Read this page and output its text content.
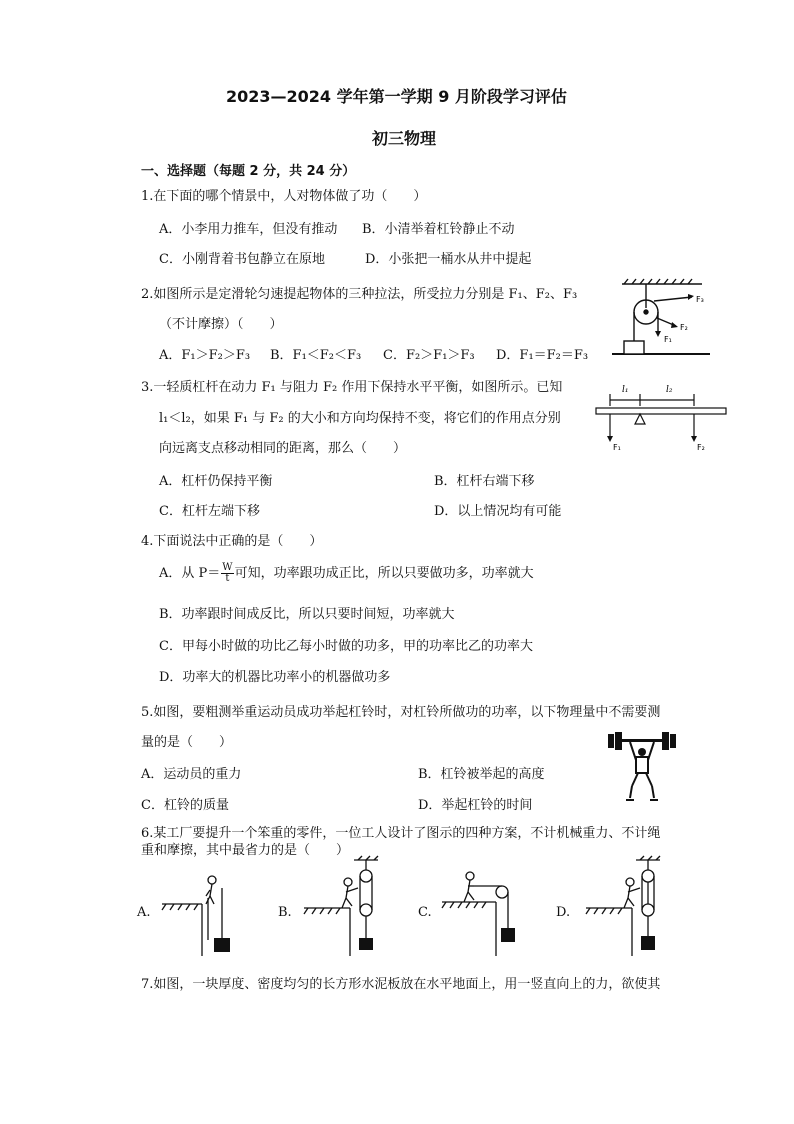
2023—2024 学年第一学期 9 月阶段学习评估
初三物理
一、选择题（每题 2 分，共 24 分）
1.在下面的哪个情景中，人对物体做了功（　　）
A．小李用力推车，但没有推动 B．小清举着杠铃静止不动
C．小刚背着书包静立在原地	D．小张把一桶水从井中提起
2.如图所示是定滑轮匀速提起物体的三种拉法，所受拉力分别是 F₁、F₂、F₃
（不计摩擦）（　　）
A．F₁＞F₂＞F₃ B．F₁＜F₂＜F₃ C．F₂＞F₁＞F₃ D．F₁＝F₂＝F₃
F₃
F₂
F₁
3.一轻质杠杆在动力 F₁ 与阻力 F₂ 作用下保持水平平衡，如图所示。已知
l₁＜l₂，如果 F₁ 与 F₂ 的大小和方向均保持不变，将它们的作用点分别
向远离支点移动相同的距离，那么（　　）
A．杠杆仍保持平衡	B．杠杆右端下移
C．杠杆左端下移	D．以上情况均有可能
l₁	l₂
F₁	F₂
4.下面说法中正确的是（　　）
A．从 $P= \frac{W}{t}$ 可知，功率跟功成正比，所以只要做功多，功率就大
B．功率跟时间成反比，所以只要时间短，功率就大
C．甲每小时做的功比乙每小时做的功多，甲的功率比乙的功率大
D．功率大的机器比功率小的机器做功多
5.如图，要粗测举重运动员成功举起杠铃时，对杠铃所做功的功率，以下物理量中不需要测
量的是（　　）
A．运动员的重力	B．杠铃被举起的高度
C．杠铃的质量	D．举起杠铃的时间
6.某工厂要提升一个笨重的零件，一位工人设计了图示的四种方案，不计机械重力、不计绳
重和摩擦，其中最省力的是（　　）
A.	B.	C.	D.
7.如图，一块厚度、密度均匀的长方形水泥板放在水平地面上，用一竖直向上的力，欲使其
